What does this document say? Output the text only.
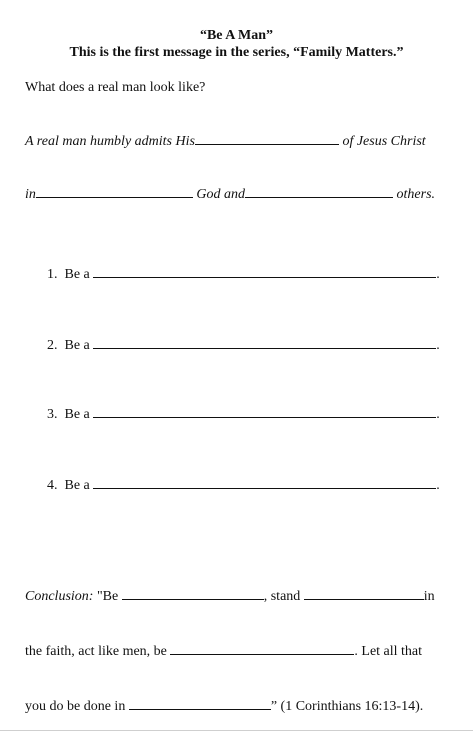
“Be A Man”
This is the first message in the series, “Family Matters.”
What does a real man look like?
A real man humbly admits His	of Jesus Christ
in	God and	others.
1. Be a	.
2. Be a	.
3. Be a	.
4. Be a	.
Conclusion: "Be	, stand	in
the faith, act like men, be	. Let all that
you do be done in	” (1 Corinthians 16:13-14).
